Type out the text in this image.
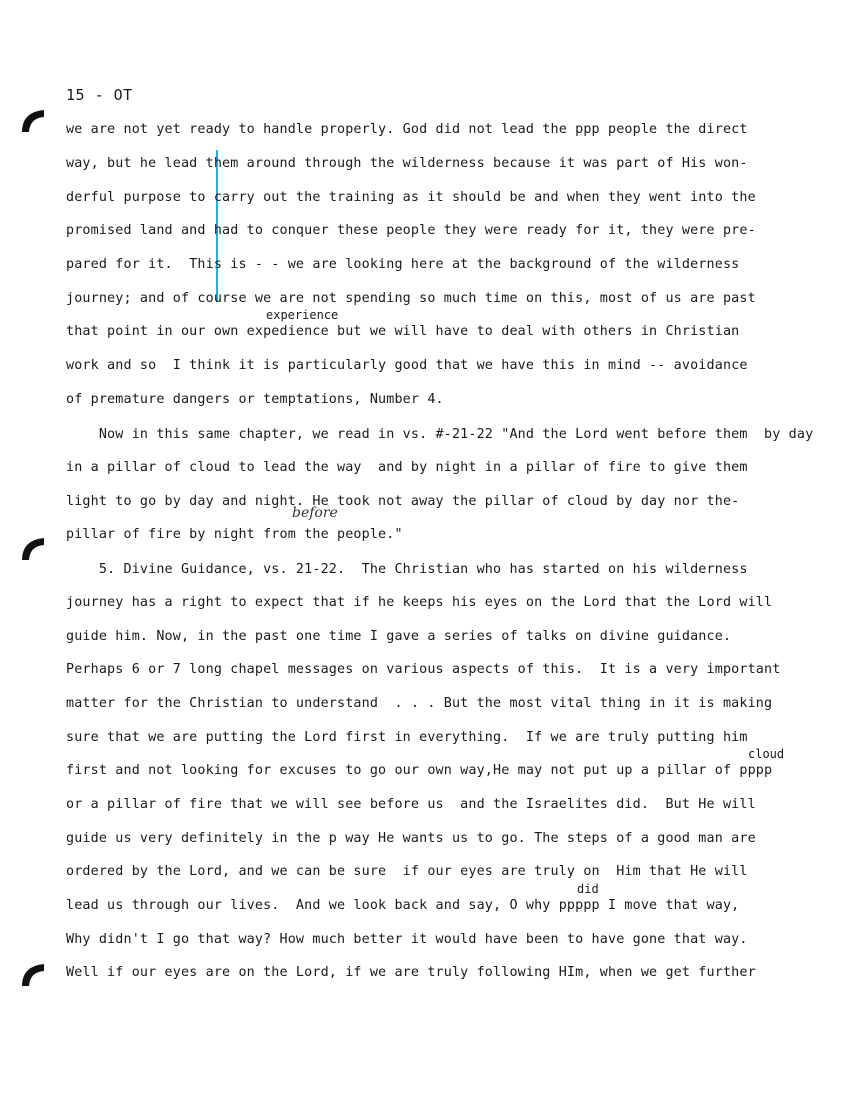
15 - OT
experience
before
cloud
did
we are not yet ready to handle properly. God did not lead the ppp people the direct
way, but he lead them around through the wilderness because it was part of His won-
derful purpose to carry out the training as it should be and when they went into the
promised land and had to conquer these people they were ready for it, they were pre-
pared for it.  This is - - we are looking here at the background of the wilderness
journey; and of course we are not spending so much time on this, most of us are past
that point in our own expedience but we will have to deal with others in Christian
work and so  I think it is particularly good that we have this in mind -- avoidance
of premature dangers or temptations, Number 4.
Now in this same chapter, we read in vs. #-21-22 "And the Lord went before them  by day
in a pillar of cloud to lead the way  and by night in a pillar of fire to give them
light to go by day and night. He took not away the pillar of cloud by day nor the-
pillar of fire by night from the people."
5. Divine Guidance, vs. 21-22.  The Christian who has started on his wilderness
journey has a right to expect that if he keeps his eyes on the Lord that the Lord will
guide him. Now, in the past one time I gave a series of talks on divine guidance.
Perhaps 6 or 7 long chapel messages on various aspects of this.  It is a very important
matter for the Christian to understand  . . . But the most vital thing in it is making
sure that we are putting the Lord first in everything.  If we are truly putting him
first and not looking for excuses to go our own way,He may not put up a pillar of pppp
or a pillar of fire that we will see before us  and the Israelites did.  But He will
guide us very definitely in the p way He wants us to go. The steps of a good man are
ordered by the Lord, and we can be sure  if our eyes are truly on  Him that He will
lead us through our lives.  And we look back and say, O why ppppp I move that way,
Why didn't I go that way? How much better it would have been to have gone that way.
Well if our eyes are on the Lord, if we are truly following HIm, when we get further
